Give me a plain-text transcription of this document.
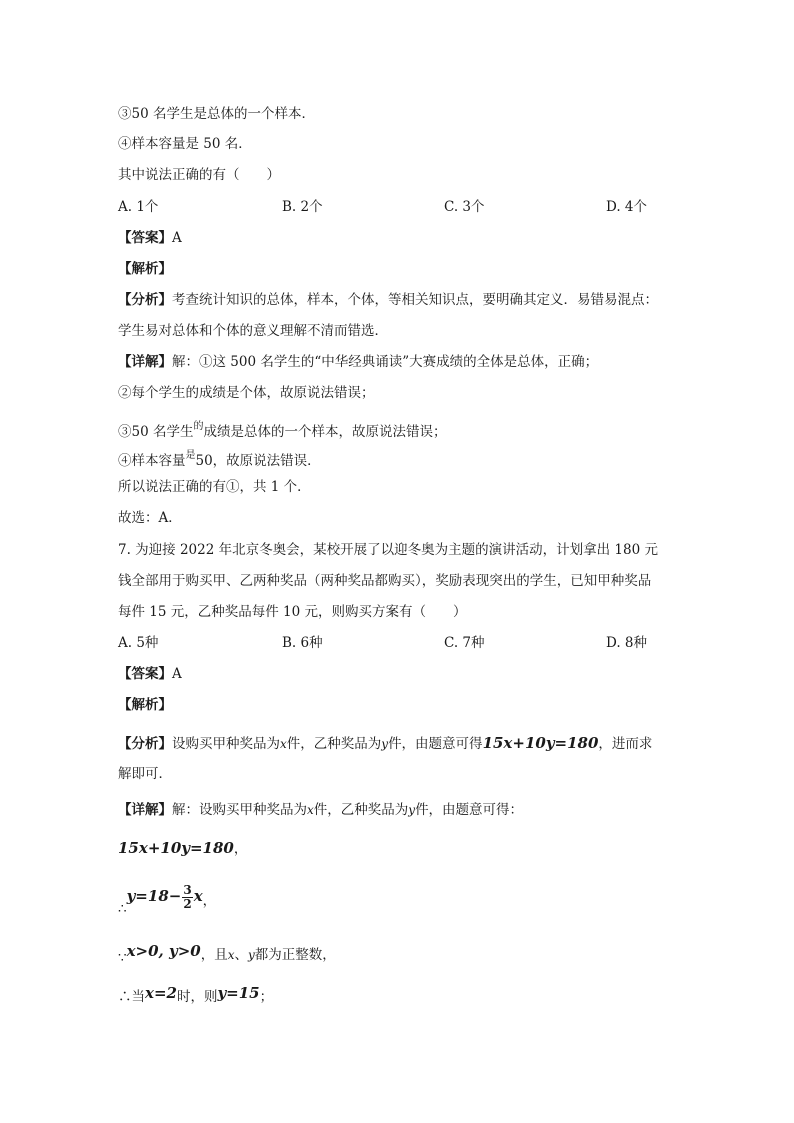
③50 名学生是总体的一个样本．
④样本容量是 50 名．
其中说法正确的有（　　）
A. 1个	B. 2个	C. 3个	D. 4个
【答案】A
【解析】
【分析】考查统计知识的总体，样本，个体，等相关知识点，要明确其定义．易错易混点：
学生易对总体和个体的意义理解不清而错选．
【详解】解：①这 500 名学生的“中华经典诵读”大赛成绩的全体是总体，正确；
②每个学生的成绩是个体，故原说法错误；
③50 名学生$^的$成绩是总体的一个样本，故原说法错误；
④样本容量$^是$50，故原说法错误．
所以说法正确的有①，共 1 个．
故选：A．
7. 为迎接 2022 年北京冬奥会，某校开展了以迎冬奥为主题的演讲活动，计划拿出 180 元
钱全部用于购买甲、乙两种奖品（两种奖品都购买），奖励表现突出的学生，已知甲种奖品
每件 15 元，乙种奖品每件 10 元，则购买方案有（　　）
A. 5种	B. 6种	C. 7种	D. 8种
【答案】A
【解析】
【分析】设购买甲种奖品为x件，乙种奖品为y件，由题意可得15x+10y=180，进而求
解即可．
【详解】解：设购买甲种奖品为x件，乙种奖品为y件，由题意可得：
15x+10y=180，
∴y=18− $\frac{3}{2}$ x，
∵x>0, y>0，且x、y都为正整数，
∴当x=2时，则y=15；
